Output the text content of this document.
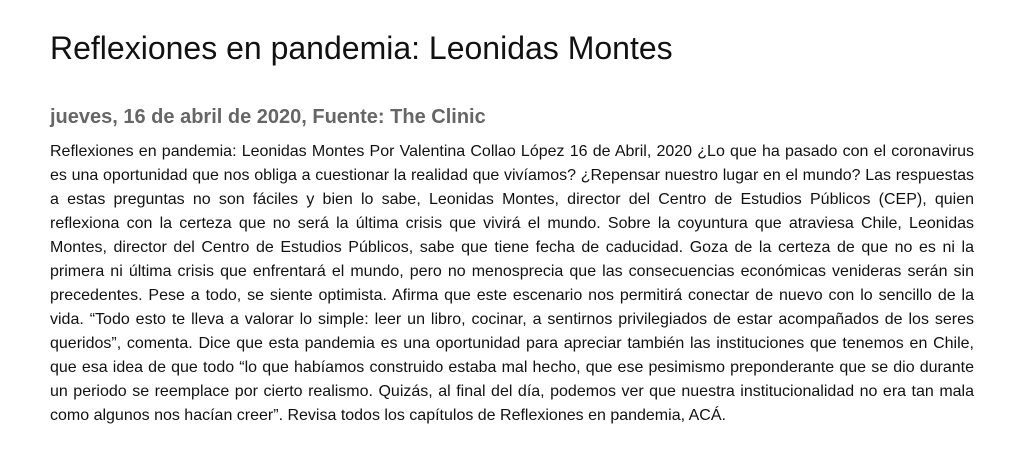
Reflexiones en pandemia: Leonidas Montes
jueves, 16 de abril de 2020, Fuente: The Clinic

Reflexiones en pandemia: Leonidas Montes Por Valentina Collao López 16 de Abril, 2020 ¿Lo que ha pasado con el coronavirus es una oportunidad que nos obliga a cuestionar la realidad que vivíamos? ¿Repensar nuestro lugar en el mundo? Las respuestas a estas preguntas no son fáciles y bien lo sabe, Leonidas Montes, director del Centro de Estudios Públicos (CEP), quien reflexiona con la certeza que no será la última crisis que vivirá el mundo. Sobre la coyuntura que atraviesa Chile, Leonidas Montes, director del Centro de Estudios Públicos, sabe que tiene fecha de caducidad. Goza de la certeza de que no es ni la primera ni última crisis que enfrentará el mundo, pero no menosprecia que las consecuencias económicas venideras serán sin precedentes. Pese a todo, se siente optimista. Afirma que este escenario nos permitirá conectar de nuevo con lo sencillo de la vida. “Todo esto te lleva a valorar lo simple: leer un libro, cocinar, a sentirnos privilegiados de estar acompañados de los seres queridos”, comenta. Dice que esta pandemia es una oportunidad para apreciar también las instituciones que tenemos en Chile, que esa idea de que todo “lo que habíamos construido estaba mal hecho, que ese pesimismo preponderante que se dio durante un periodo se reemplace por cierto realismo. Quizás, al final del día, podemos ver que nuestra institucionalidad no era tan mala como algunos nos hacían creer”. Revisa todos los capítulos de Reflexiones en pandemia, ACÁ.
